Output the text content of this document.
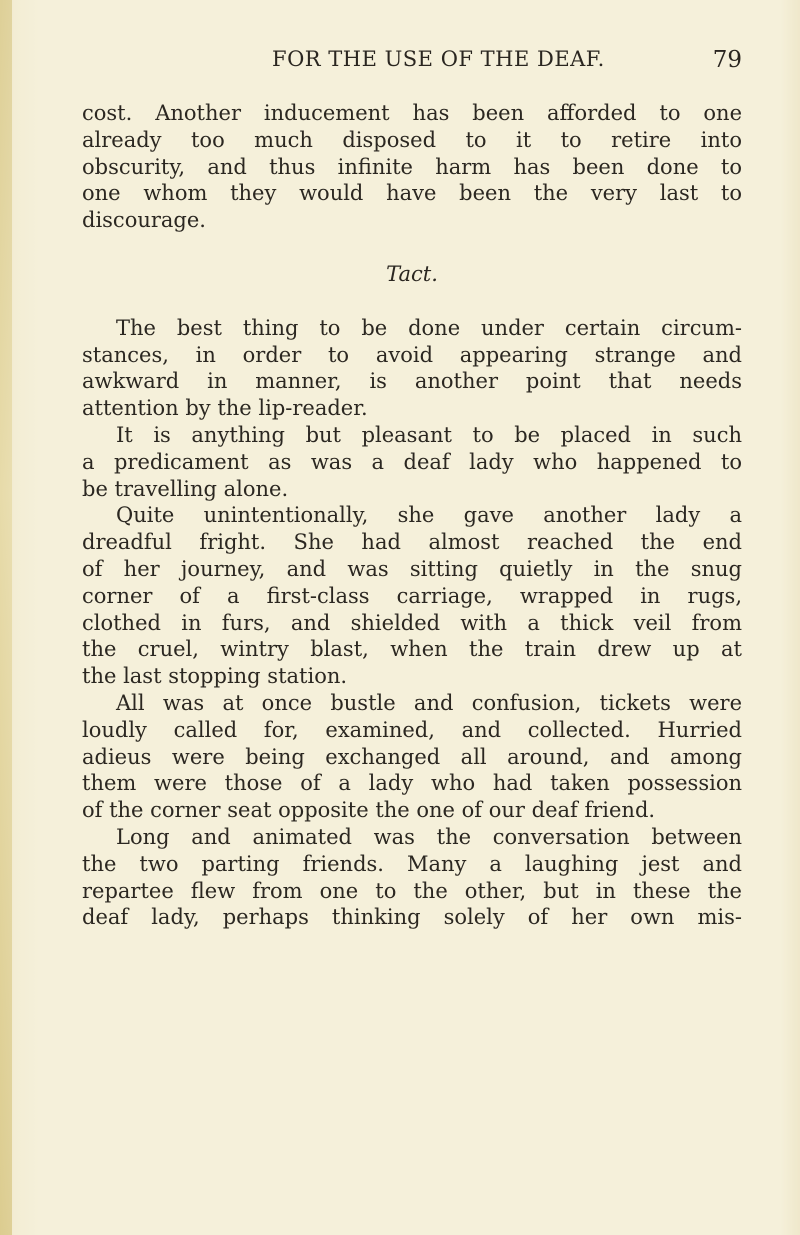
FOR THE USE OF THE DEAF.	79
cost. Another inducement has been afforded to one
already too much disposed to it to retire into
obscurity, and thus infinite harm has been done to
one whom they would have been the very last to
discourage.
Tact.
The best thing to be done under certain circum-
stances, in order to avoid appearing strange and
awkward in manner, is another point that needs
attention by the lip-reader.
It is anything but pleasant to be placed in such
a predicament as was a deaf lady who happened to
be travelling alone.
Quite unintentionally, she gave another lady a
dreadful fright. She had almost reached the end
of her journey, and was sitting quietly in the snug
corner of a first-class carriage, wrapped in rugs,
clothed in furs, and shielded with a thick veil from
the cruel, wintry blast, when the train drew up at
the last stopping station.
All was at once bustle and confusion, tickets were
loudly called for, examined, and collected. Hurried
adieus were being exchanged all around, and among
them were those of a lady who had taken possession
of the corner seat opposite the one of our deaf friend.
Long and animated was the conversation between
the two parting friends. Many a laughing jest and
repartee flew from one to the other, but in these the
deaf lady, perhaps thinking solely of her own mis-
